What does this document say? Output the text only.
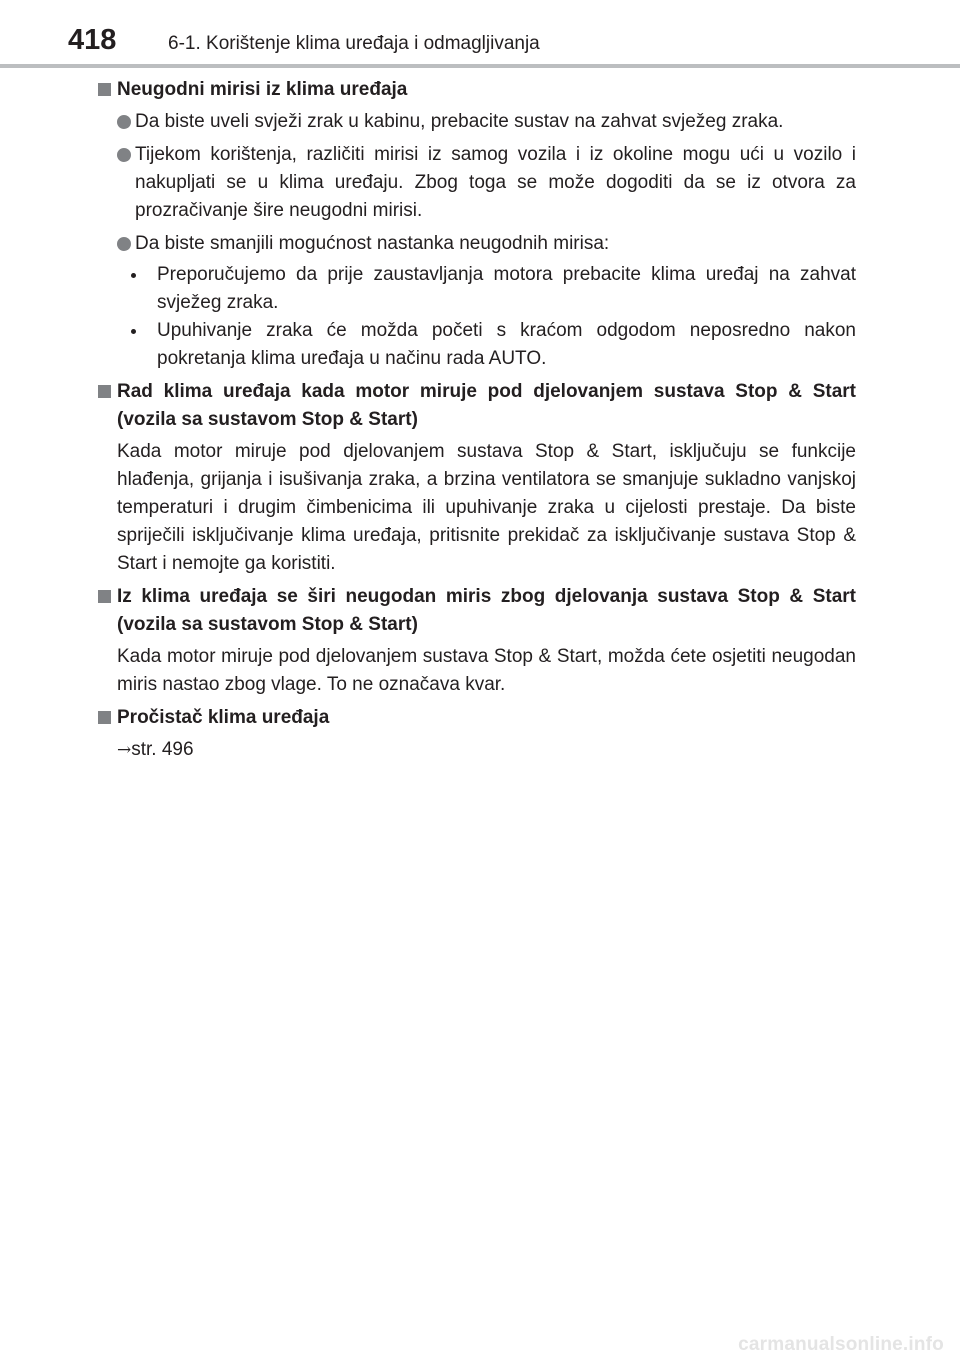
418	6-1. Korištenje klima uređaja i odmagljivanja
Neugodni mirisi iz klima uređaja
Da biste uveli svježi zrak u kabinu, prebacite sustav na zahvat svježeg zraka.
Tijekom korištenja, različiti mirisi iz samog vozila i iz okoline mogu ući u vozilo i nakupljati se u klima uređaju. Zbog toga se može dogoditi da se iz otvora za prozračivanje šire neugodni mirisi.
Da biste smanjili mogućnost nastanka neugodnih mirisa:
Preporučujemo da prije zaustavljanja motora prebacite klima uređaj na zahvat svježeg zraka.
Upuhivanje zraka će možda početi s kraćom odgodom neposredno nakon pokretanja klima uređaja u načinu rada AUTO.
Rad klima uređaja kada motor miruje pod djelovanjem sustava Stop & Start (vozila sa sustavom Stop & Start)
Kada motor miruje pod djelovanjem sustava Stop & Start, isključuju se funkcije hlađenja, grijanja i isušivanja zraka, a brzina ventilatora se smanjuje sukladno vanjskoj temperaturi i drugim čimbenicima ili upuhivanje zraka u cijelosti prestaje. Da biste spriječili isključivanje klima uređaja, pritisnite prekidač za isključivanje sustava Stop & Start i nemojte ga koristiti.
Iz klima uređaja se širi neugodan miris zbog djelovanja sustava Stop & Start (vozila sa sustavom Stop & Start)
Kada motor miruje pod djelovanjem sustava Stop & Start, možda ćete osjetiti neugodan miris nastao zbog vlage. To ne označava kvar.
Pročistač klima uređaja
→str. 496
carmanualsonline.info
